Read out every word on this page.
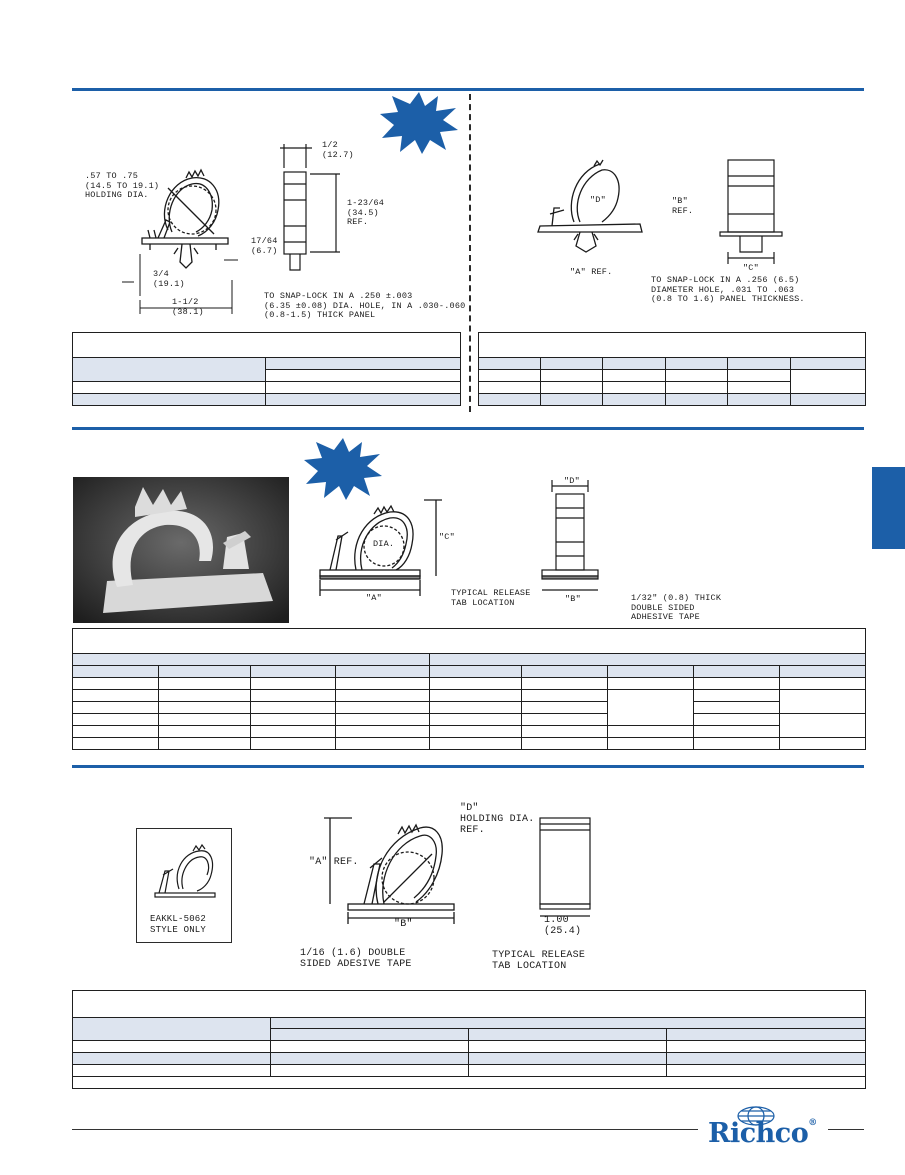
.57 TO .75
(14.5 TO 19.1)
HOLDING DIA.
1/2
(12.7)
1-23/64
(34.5)
REF.
17/64
(6.7)
3/4
(19.1)
1-1/2
(38.1)
TO SNAP-LOCK IN A .250 ±.003
(6.35 ±0.08) DIA. HOLE, IN A .030-.060
(0.8-1.5) THICK PANEL

"D"	"B"
REF.
"A" REF.	"C"
TO SNAP-LOCK IN A .256 (6.5)
DIAMETER HOLE, .031 TO .063
(0.8 TO 1.6) PANEL THICKNESS.

DIA.
"C"
"A"
"D"
"B"
TYPICAL RELEASE
TAB LOCATION	1/32" (0.8) THICK
DOUBLE SIDED
ADHESIVE TAPE

EAKKL-5062
STYLE ONLY
"D"
HOLDING DIA.
REF.
"A" REF.
"B"	1.00
(25.4)
1/16 (1.6) DOUBLE
SIDED ADESIVE TAPE
TYPICAL RELEASE
TAB LOCATION

Richco®
